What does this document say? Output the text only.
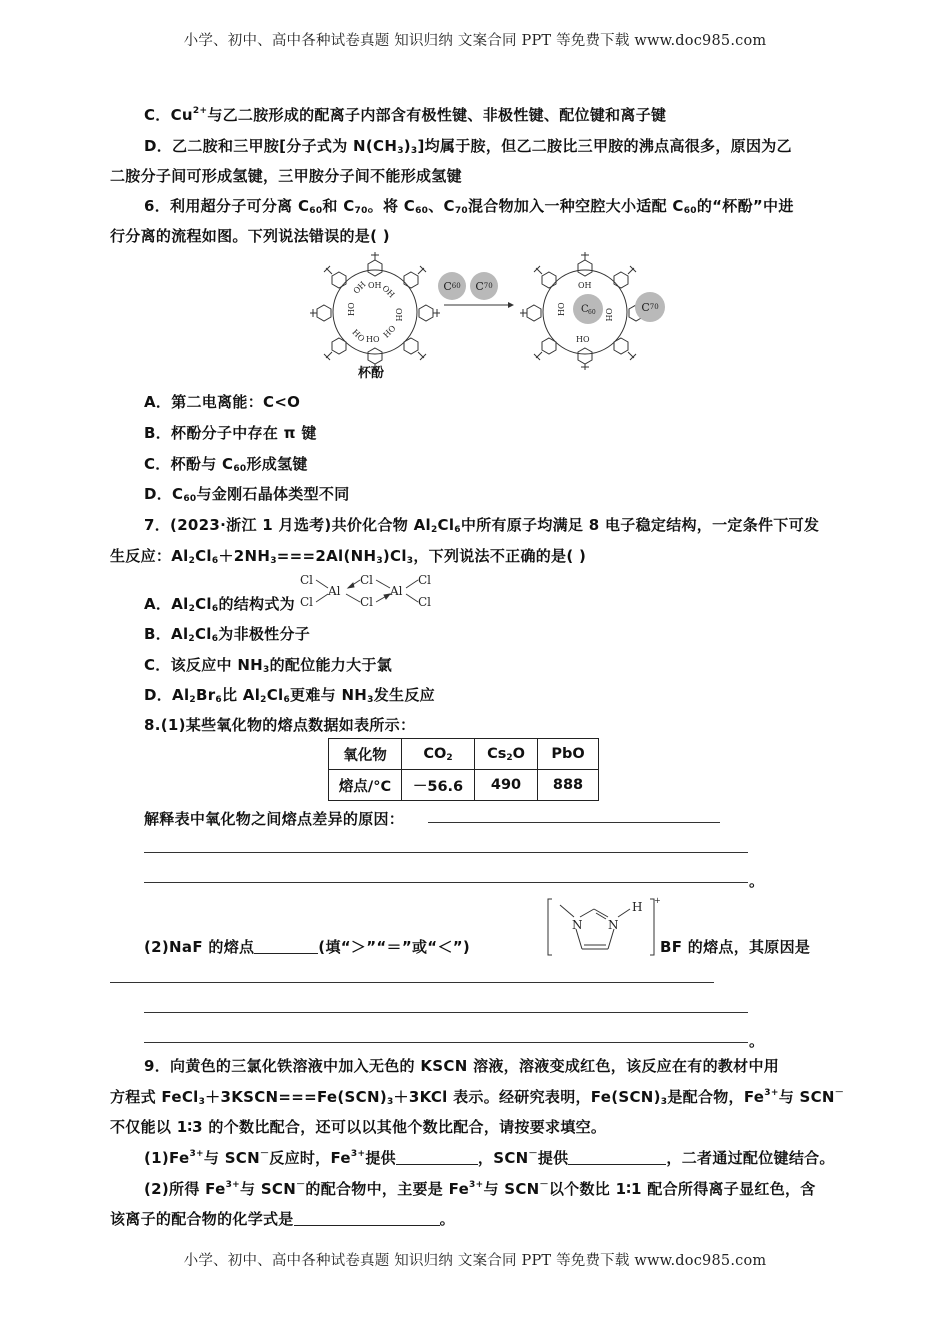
小学、初中、高中各种试卷真题 知识归纳 文案合同 PPT 等免费下载 www.doc985.com
C．$Cu^{2+}$与乙二胺形成的配离子内部含有极性键、非极性键、配位键和离子键
D．乙二胺和三甲胺[分子式为 $N(CH_3)_3$]均属于胺，但乙二胺比三甲胺的沸点高很多，原因为乙
二胺分子间可形成氢键，三甲胺分子间不能形成氢键
6．利用超分子可分离 $C_{60}$和 $C_{70}$。将 $C_{60}$、$C_{70}$混合物加入一种空腔大小适配 $C_{60}$的“杯酚”中进
行分离的流程如图。下列说法错误的是( )
OH
OH OH
HO	OH
HO
HO HO
杯酚
C 60 C 70	OH
HO	OH
HO
C 60	C 70
A．第二电离能：C<O
B．杯酚分子中存在 π 键
C．杯酚与 $C_{60}$形成氢键
D．$C_{60}$与金刚石晶体类型不同
7．(2023·浙江 1 月选考)共价化合物 $Al_2Cl_6$中所有原子均满足 8 电子稳定结构，一定条件下可发
生反应：$Al_2Cl_6+2NH_3===2Al(NH_3)Cl_3$，下列说法不正确的是( )
A．$Al_2Cl_6$的结构式为
Cl
Cl
Al
Cl
Cl
Al
Cl
Cl
B．$Al_2Cl_6$为非极性分子
C．该反应中 $NH_3$的配位能力大于氯
D．$Al_2Br_6$比 $Al_2Cl_6$更难与 $NH_3$发生反应
8.(1)某些氧化物的熔点数据如表所示：
氧化物	$CO_2$	$Cs_2O$	PbO
熔点/°C	－56.6	490	888
解释表中氧化物之间熔点差异的原因：
。
(2)NaF 的熔点	(填“＞”“＝”或“＜”)
N N
H +
BF 的熔点，其原因是
。
9．向黄色的三氯化铁溶液中加入无色的 KSCN 溶液，溶液变成红色，该反应在有的教材中用
方程式 $FeCl_3+3KSCN===Fe(SCN)_3+3KCl$ 表示。经研究表明，$Fe(SCN)_3$是配合物，$Fe^{3+}$与 SCN－
不仅能以 1∶3 的个数比配合，还可以以其他个数比配合，请按要求填空。
$(1)Fe^{3+}$与 SCN－反应时，$Fe^{3+}$提供	，SCN－提供	，二者通过配位键结合。
(2)所得 $Fe^{3+}$与 SCN－的配合物中，主要是 $Fe^{3+}$与 SCN－以个数比 1∶1 配合所得离子显红色，含
该离子的配合物的化学式是	。
小学、初中、高中各种试卷真题 知识归纳 文案合同 PPT 等免费下载 www.doc985.com
